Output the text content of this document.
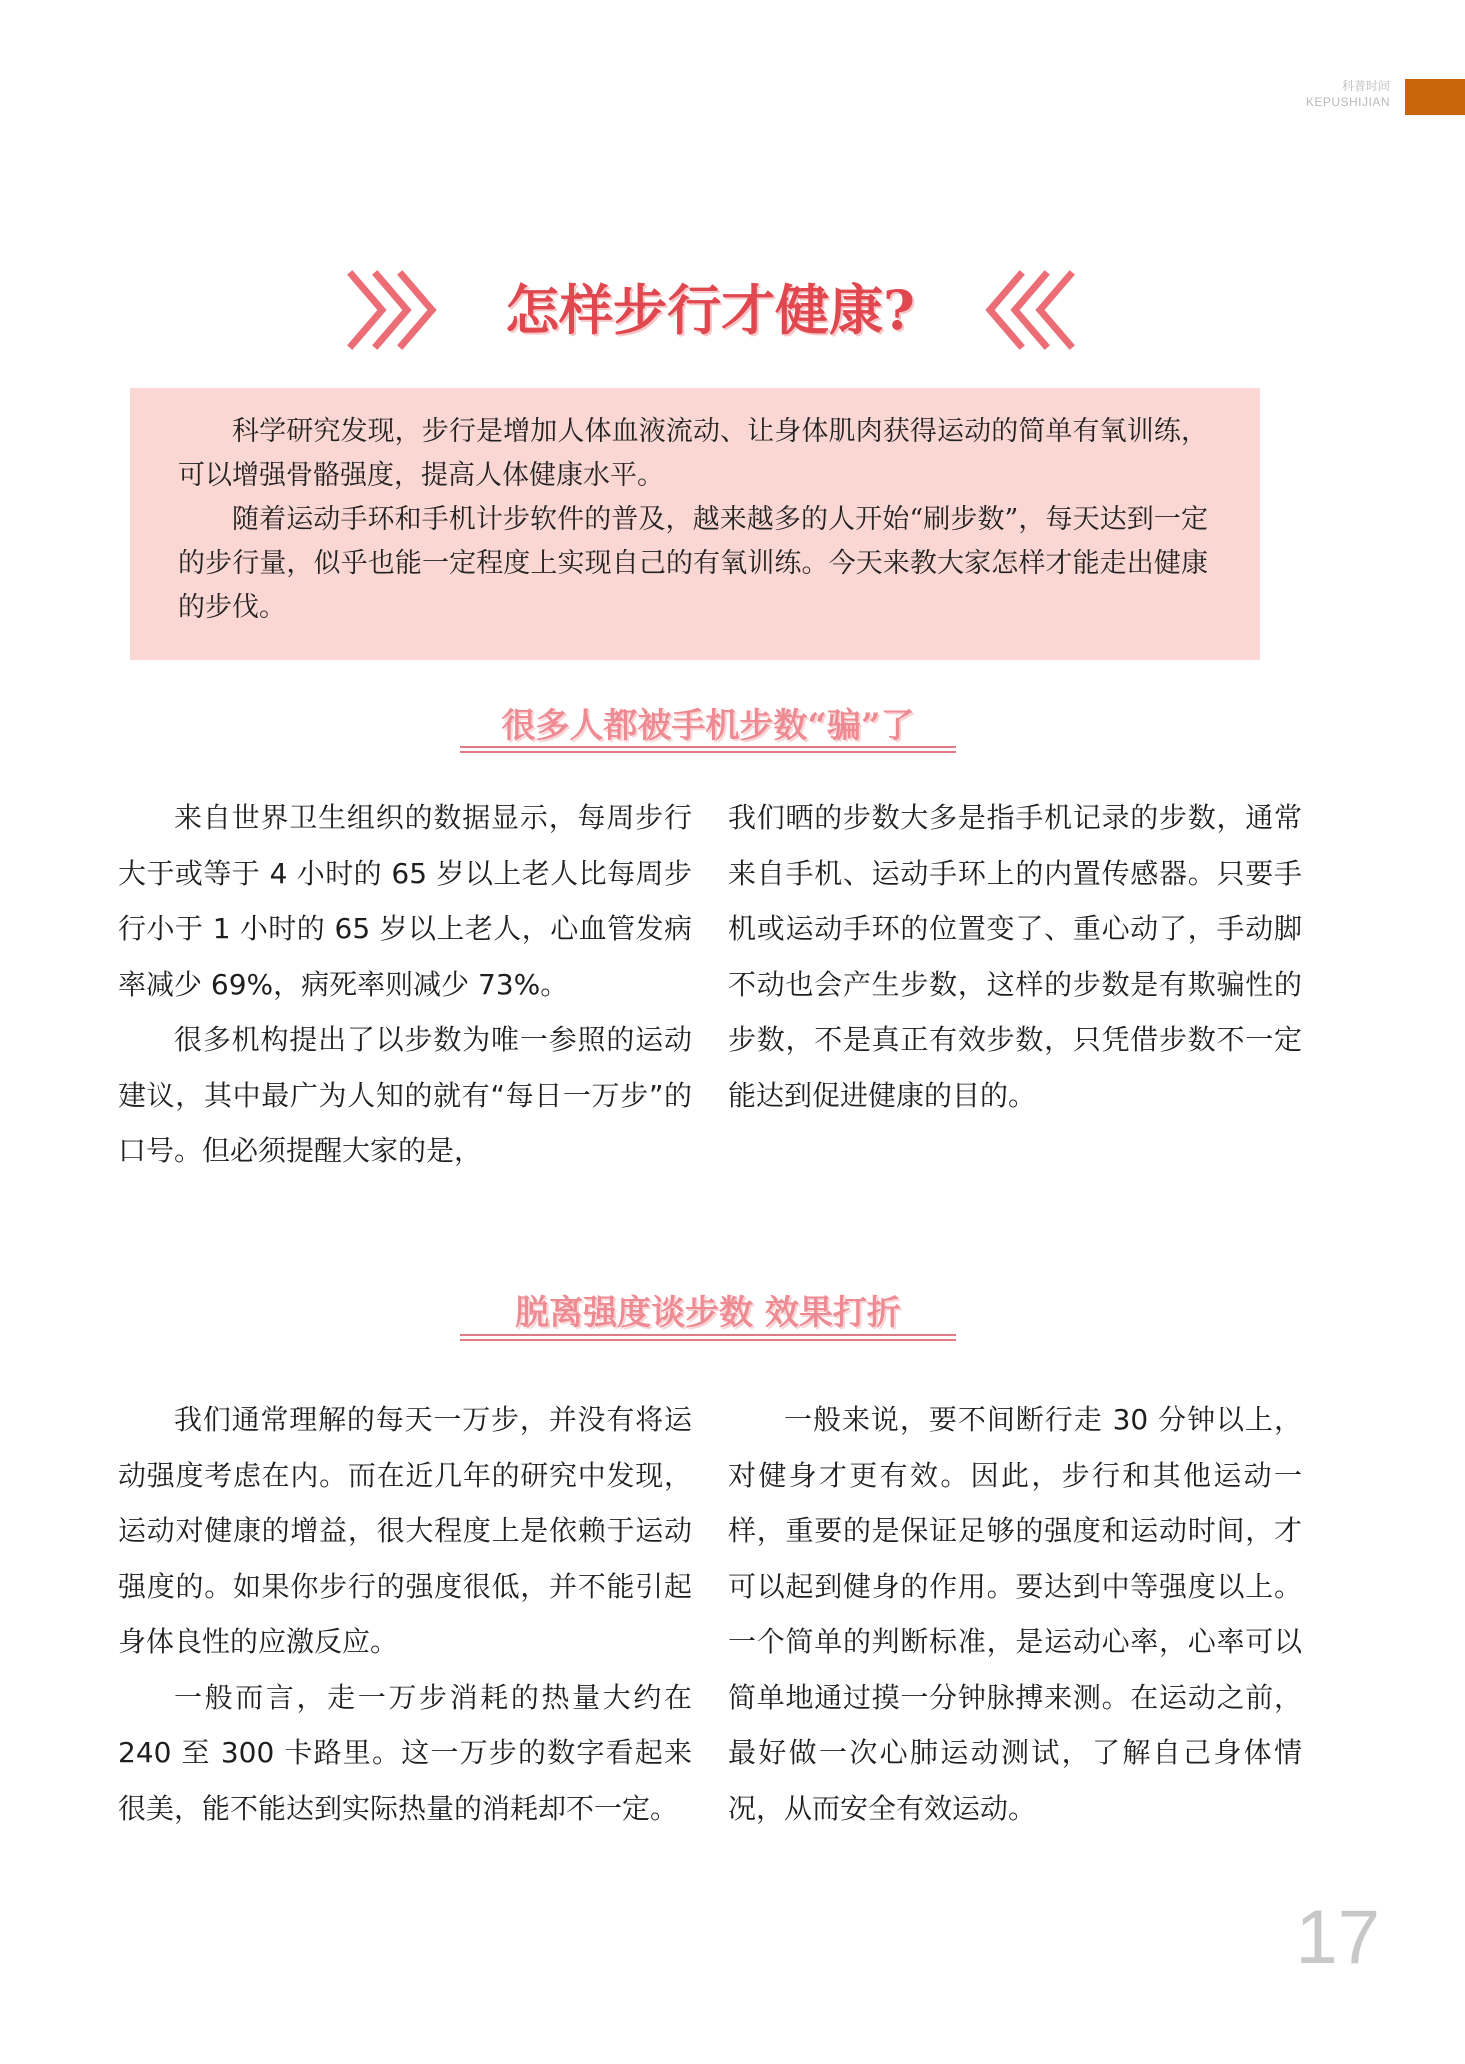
科普时间
KEPUSHIJIAN
怎样步行才健康?

科学研究发现，步行是增加人体血液流动、让身体肌肉获得运动的简单有氧训练，可以增强骨骼强度，提高人体健康水平。

随着运动手环和手机计步软件的普及，越来越多的人开始“刷步数”，每天达到一定的步行量，似乎也能一定程度上实现自己的有氧训练。今天来教大家怎样才能走出健康的步伐。

很多人都被手机步数“骗”了

来自世界卫生组织的数据显示，每周步行大于或等于 4 小时的 65 岁以上老人比每周步行小于 1 小时的 65 岁以上老人，心血管发病率减少 69%，病死率则减少 73%。

很多机构提出了以步数为唯一参照的运动建议，其中最广为人知的就有“每日一万步”的口号。但必须提醒大家的是，

我们晒的步数大多是指手机记录的步数，通常来自手机、运动手环上的内置传感器。只要手机或运动手环的位置变了、重心动了，手动脚不动也会产生步数，这样的步数是有欺骗性的步数，不是真正有效步数，只凭借步数不一定能达到促进健康的目的。

脱离强度谈步数 效果打折

我们通常理解的每天一万步，并没有将运动强度考虑在内。而在近几年的研究中发现，运动对健康的增益，很大程度上是依赖于运动强度的。如果你步行的强度很低，并不能引起身体良性的应激反应。

一般而言，走一万步消耗的热量大约在 240 至 300 卡路里。这一万步的数字看起来很美，能不能达到实际热量的消耗却不一定。

一般来说，要不间断行走 30 分钟以上，对健身才更有效。因此，步行和其他运动一样，重要的是保证足够的强度和运动时间，才可以起到健身的作用。要达到中等强度以上。一个简单的判断标准，是运动心率，心率可以简单地通过摸一分钟脉搏来测。在运动之前，最好做一次心肺运动测试，了解自己身体情况，从而安全有效运动。

17
